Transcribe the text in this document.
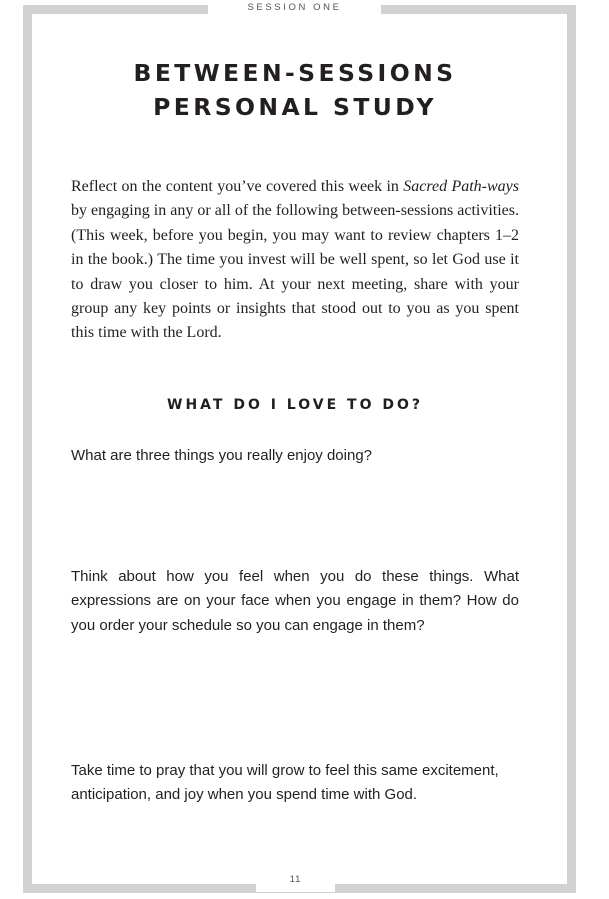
SESSION ONE
BETWEEN-SESSIONS
PERSONAL STUDY
Reflect on the content you’ve covered this week in Sacred Path-ways by engaging in any or all of the following between-sessions activities. (This week, before you begin, you may want to review chapters 1–2 in the book.) The time you invest will be well spent, so let God use it to draw you closer to him. At your next meeting, share with your group any key points or insights that stood out to you as you spent this time with the Lord.
WHAT DO I LOVE TO DO?
What are three things you really enjoy doing?
Think about how you feel when you do these things. What expressions are on your face when you engage in them? How do you order your schedule so you can engage in them?
Take time to pray that you will grow to feel this same excitement, anticipation, and joy when you spend time with God.
11
